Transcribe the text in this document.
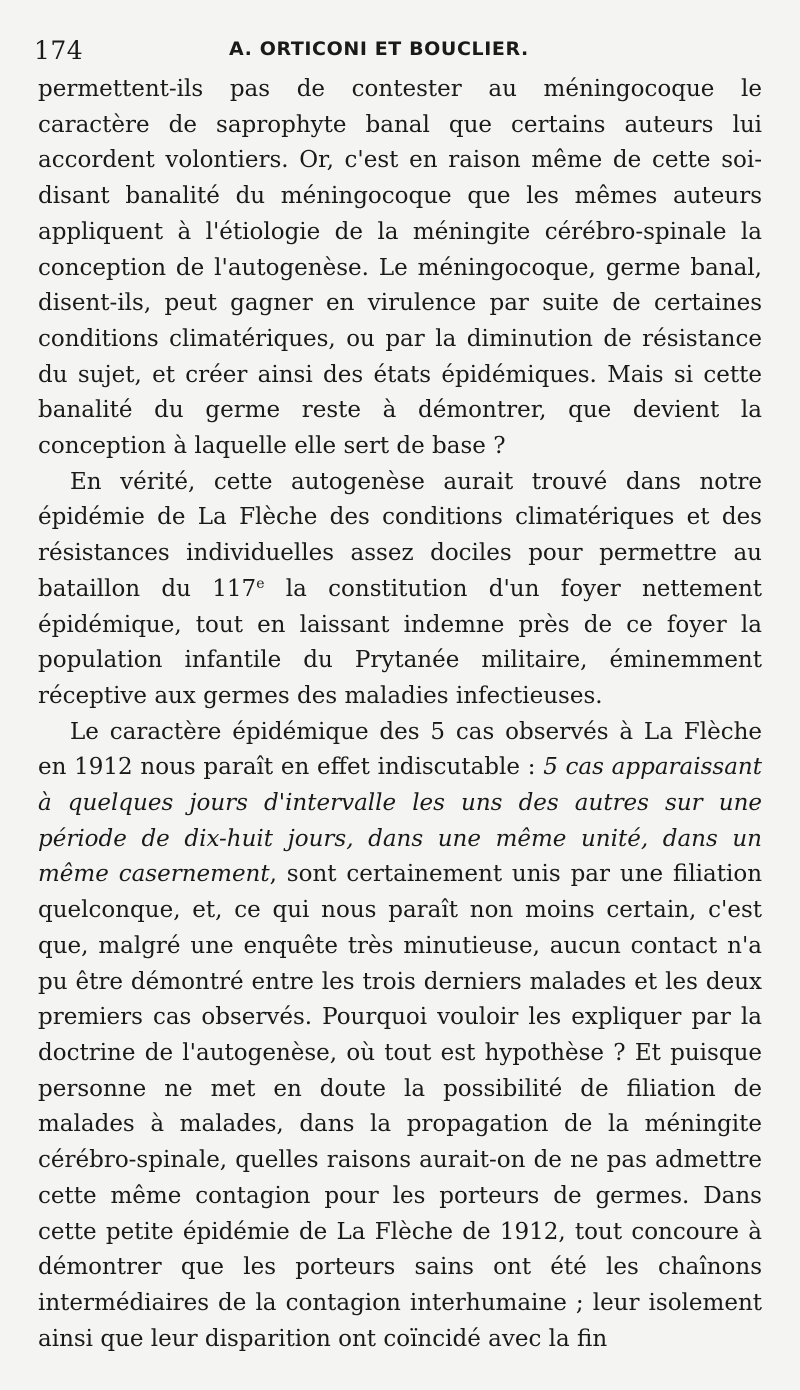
174	A. ORTICONI ET BOUCLIER.

permettent-ils pas de contester au méningocoque le caractère de saprophyte banal que certains auteurs lui accordent volontiers. Or, c'est en raison même de cette soi-disant banalité du méningocoque que les mêmes auteurs appliquent à l'étiologie de la méningite cérébro-spinale la conception de l'autogenèse. Le méningocoque, germe banal, disent-ils, peut gagner en virulence par suite de certaines conditions climatériques, ou par la diminution de résistance du sujet, et créer ainsi des états épidémiques. Mais si cette banalité du germe reste à démontrer, que devient la conception à laquelle elle sert de base ?

En vérité, cette autogenèse aurait trouvé dans notre épidémie de La Flèche des conditions climatériques et des résistances individuelles assez dociles pour permettre au bataillon du 117e la constitution d'un foyer nettement épidémique, tout en laissant indemne près de ce foyer la population infantile du Prytanée militaire, éminemment réceptive aux germes des maladies infectieuses.

Le caractère épidémique des 5 cas observés à La Flèche en 1912 nous paraît en effet indiscutable : 5 cas apparaissant à quelques jours d'intervalle les uns des autres sur une période de dix-huit jours, dans une même unité, dans un même casernement, sont certainement unis par une filiation quelconque, et, ce qui nous paraît non moins certain, c'est que, malgré une enquête très minutieuse, aucun contact n'a pu être démontré entre les trois derniers malades et les deux premiers cas observés. Pourquoi vouloir les expliquer par la doctrine de l'autogenèse, où tout est hypothèse ? Et puisque personne ne met en doute la possibilité de filiation de malades à malades, dans la propagation de la méningite cérébro-spinale, quelles raisons aurait-on de ne pas admettre cette même contagion pour les porteurs de germes. Dans cette petite épidémie de La Flèche de 1912, tout concoure à démontrer que les porteurs sains ont été les chaînons intermédiaires de la contagion interhumaine ; leur isolement ainsi que leur disparition ont coïncidé avec la fin
